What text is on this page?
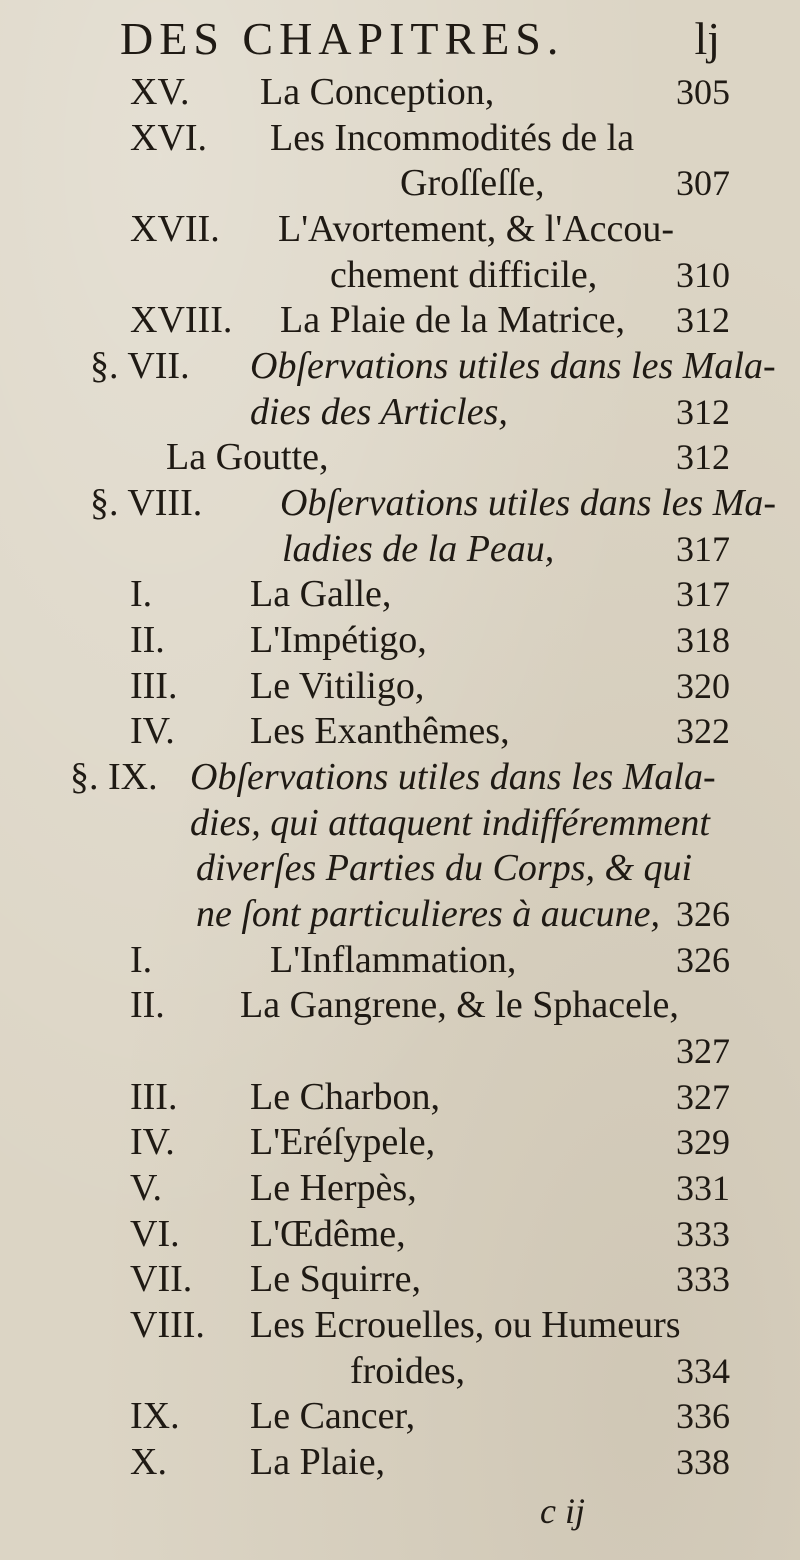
DES CHAPITRES.	lj
XV. La Conception,	305
XVI. Les Incommodités de la
Groſſeſſe,	307
XVII. L'Avortement, & l'Accou-
chement difficile, 310
XVIII. La Plaie de la Matrice, 312
§. VII. Obſervations utiles dans les Mala-
dies des Articles,	312
La Goutte,	312
§. VIII. Obſervations utiles dans les Ma-
ladies de la Peau,	317
I.	La Galle,	317
II. L'Impétigo,	318
III. Le Vitiligo,	320
IV. Les Exanthêmes,	322
§. IX. Obſervations utiles dans les Mala-
dies, qui attaquent indifféremment
diverſes Parties du Corps, & qui
ne ſont particulieres à aucune, 326
I.	L'Inflammation,	326
II. La Gangrene, & le Sphacele,
327
III. Le Charbon,	327
IV. L'Eréſypele,	329
V. Le Herpès,	331
VI. L'Œdême,	333
VII. Le Squirre,	333
VIII. Les Ecrouelles, ou Humeurs
froides,	334
IX. Le Cancer,	336
X. La Plaie,	338
c ij
